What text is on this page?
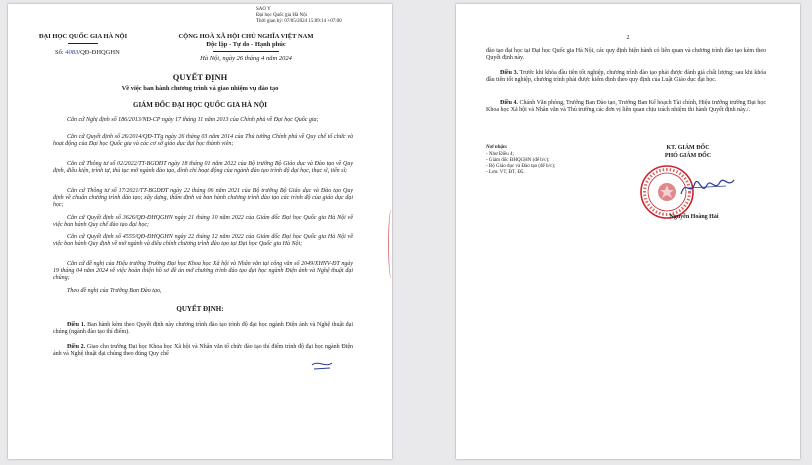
SAO Y
Đại học Quốc gia Hà Nội
Thời gian ký: 07/05/2024 15:09:14 +07:00
ĐẠI HỌC QUỐC GIA HÀ NỘI
Số: 4083/QĐ-ĐHQGHN
CỘNG HOÀ XÃ HỘI CHỦ NGHĨA VIỆT NAM
Độc lập - Tự do - Hạnh phúc
Hà Nội, ngày 26 tháng 4 năm 2024
QUYẾT ĐỊNH
Về việc ban hành chương trình và giao nhiệm vụ đào tạo
GIÁM ĐỐC ĐẠI HỌC QUỐC GIA HÀ NỘI
Căn cứ Nghị định số 186/2013/NĐ-CP ngày 17 tháng 11 năm 2013 của Chính phủ về Đại học Quốc gia;
Căn cứ Quyết định số 26/2014/QĐ-TTg ngày 26 tháng 03 năm 2014 của Thủ tướng Chính phủ về Quy chế tổ chức và hoạt động của Đại học Quốc gia và các cơ sở giáo dục đại học thành viên;
Căn cứ Thông tư số 02/2022/TT-BGDĐT ngày 18 tháng 01 năm 2022 của Bộ trưởng Bộ Giáo dục và Đào tạo về Quy định, điều kiện, trình tự, thủ tục mở ngành đào tạo, đình chỉ hoạt động của ngành đào tạo trình độ đại học, thạc sĩ, tiến sĩ;
Căn cứ Thông tư số 17/2021/TT-BGDĐT ngày 22 tháng 06 năm 2021 của Bộ trưởng Bộ Giáo dục và Đào tạo Quy định về chuẩn chương trình đào tạo; xây dựng, thẩm định và ban hành chương trình đào tạo các trình độ của giáo dục đại học;
Căn cứ Quyết định số 3626/QĐ-ĐHQGHN ngày 21 tháng 10 năm 2022 của Giám đốc Đại học Quốc gia Hà Nội về việc ban hành Quy chế đào tạo đại học;
Căn cứ Quyết định số 4555/QĐ-ĐHQGHN ngày 22 tháng 12 năm 2022 của Giám đốc Đại học Quốc gia Hà Nội về việc ban hành Quy định về mở ngành và điều chỉnh chương trình đào tạo tại Đại học Quốc gia Hà Nội;
Căn cứ đề nghị của Hiệu trưởng Trường Đại học Khoa học Xã hội và Nhân văn tại công văn số 2049/XHNV-ĐT ngày 19 tháng 04 năm 2024 về việc hoàn thiện hồ sơ đề án mở chương trình đào tạo đại học ngành Điện ảnh và Nghệ thuật đại chúng;
Theo đề nghị của Trưởng Ban Đào tạo,
QUYẾT ĐỊNH:
Điều 1. Ban hành kèm theo Quyết định này chương trình đào tạo trình độ đại học ngành Điện ảnh và Nghệ thuật đại chúng (ngành đào tạo thí điểm).
Điều 2. Giao cho trường Đại học Khoa học Xã hội và Nhân văn tổ chức đào tạo thí điểm trình độ đại học ngành Điện ảnh và Nghệ thuật đại chúng theo đúng Quy chế
2
đào tạo đại học tại Đại học Quốc gia Hà Nội, các quy định hiện hành có liên quan và chương trình đào tạo kèm theo Quyết định này.
Điều 3. Trước khi khóa đầu tiên tốt nghiệp, chương trình đào tạo phải được đánh giá chất lượng; sau khi khóa đầu tiên tốt nghiệp, chương trình phải được kiểm định theo quy định của Luật Giáo dục đại học.
Điều 4. Chánh Văn phòng, Trưởng Ban Đào tạo, Trưởng Ban Kế hoạch Tài chính, Hiệu trưởng trường Đại học Khoa học Xã hội và Nhân văn và Thủ trưởng các đơn vị liên quan chịu trách nhiệm thi hành Quyết định này./.
Nơi nhận:
- Như Điều 4;
- Giám đốc ĐHQGHN (để b/c);
- Bộ Giáo dục và Đào tạo (để b/c);
- Lưu: VT, ĐT, Đ5.
KT. GIÁM ĐỐC
PHÓ GIÁM ĐỐC
Nguyễn Hoàng Hải
